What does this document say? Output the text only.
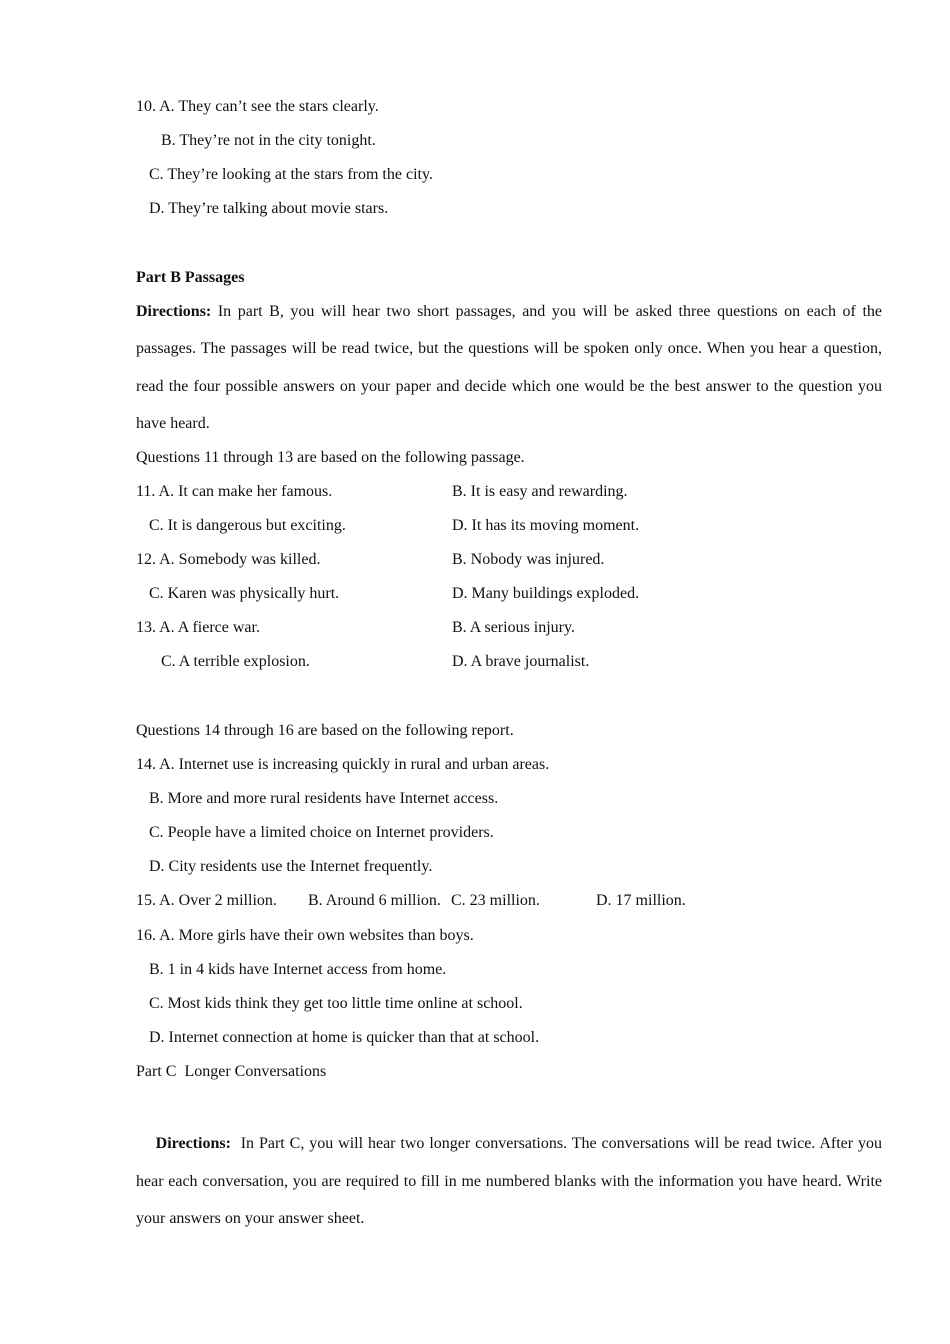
10. A. They can’t see the stars clearly.
B. They’re not in the city tonight.
C. They’re looking at the stars from the city.
D. They’re talking about movie stars.
Part B Passages
Directions: In part B, you will hear two short passages, and you will be asked three questions on each of the passages. The passages will be read twice, but the questions will be spoken only once. When you hear a question, read the four possible answers on your paper and decide which one would be the best answer to the question you have heard.
Questions 11 through 13 are based on the following passage.
11. A. It can make her famous.	B. It is easy and rewarding.
C. It is dangerous but exciting.	D. It has its moving moment.
12. A. Somebody was killed.	B. Nobody was injured.
C. Karen was physically hurt.	D. Many buildings exploded.
13. A. A fierce war.	B. A serious injury.
C. A terrible explosion.	D. A brave journalist.
Questions 14 through 16 are based on the following report.
14. A. Internet use is increasing quickly in rural and urban areas.
B. More and more rural residents have Internet access.
C. People have a limited choice on Internet providers.
D. City residents use the Internet frequently.
15. A. Over 2 million. B. Around 6 million. C. 23 million.	D. 17 million.
16. A. More girls have their own websites than boys.
B. 1 in 4 kids have Internet access from home.
C. Most kids think they get too little time online at school.
D. Internet connection at home is quicker than that at school.
Part C  Longer Conversations

Directions:  In Part C, you will hear two longer conversations. The conversations will be read twice. After you hear each conversation, you are required to fill in me numbered blanks with the information you have heard. Write your answers on your answer sheet.
